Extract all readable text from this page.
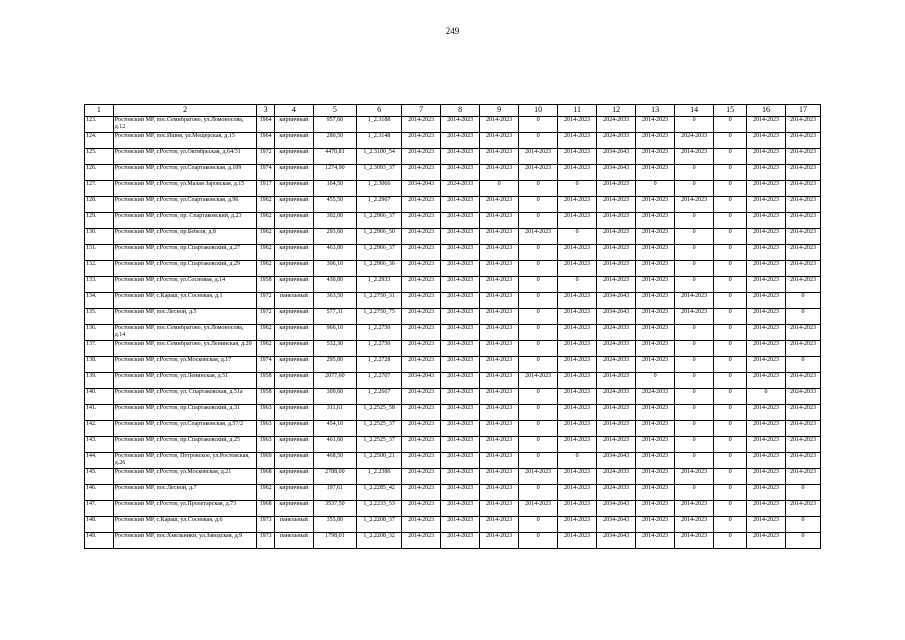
249
1	2	3	4	5	6	7	8	9	10	11	12	13	14	15	16	17
123.	Ростовский МР, пос.Семибратово, ул.Ломоносова, д.12	1964	кирпичный	957,60	1_2.3188	2014-2023	2014-2023	2014-2023	0	2014-2023	2024-2033	2014-2023	0	0	2014-2023	2014-2023
124.	Ростовский МР, пос.Ишня, ул.Мещерская, д.15	1964	кирпичный	280,50	1_2.3148	2014-2023	2014-2023	2014-2023	0	2014-2023	2024-2033	2014-2023	2024-2033	0	2014-2023	2014-2023
125.	Ростовский МР, г.Ростов, ул.Октябрьская, д.64/31	1972	кирпичный	4470,81	1_2.3100_54	2014-2023	2014-2023	2014-2023	2014-2023	2014-2023	2034-2043	2014-2023	2014-2023	0	2014-2023	2014-2023
126.	Ростовский МР, г.Ростов, ул.Спартаковская, д.109	1974	кирпичный	1274,90	1_2.3093_37	2014-2023	2014-2023	2014-2023	2014-2023	2014-2023	2034-2043	2014-2023	0	0	2014-2023	2014-2023
127.	Ростовский МР, г.Ростов, ул.Малая Заровская, д.15	1917	кирпичный	164,50	1_2.3066	2034-2043	2024-2033	0	0	0	2014-2023	0	0	0	2014-2023	2014-2023
128.	Ростовский МР, г.Ростов, ул.Спартаковская, д.96	1962	кирпичный	455,50	1_2.2967	2014-2023	2014-2023	2014-2023	0	2014-2023	2014-2023	2014-2023	2014-2023	0	2014-2023	2014-2023
129.	Ростовский МР, г.Ростов, пр. Спартаковский, д.23	1962	кирпичный	302,00	1_2.2966_37	2014-2023	2014-2023	2014-2023	0	2014-2023	2014-2023	2014-2023	0	0	2014-2023	2014-2023
130.	Ростовский МР, г.Ростов, пр.Бебеля, д.8	1962	кирпичный	293,60	1_2.2966_50	2014-2023	2014-2023	2014-2023	2014-2023	0	2014-2023	2014-2023	0	0	2014-2023	2014-2023
131.	Ростовский МР, г.Ростов, пр.Спартаковский, д.27	1962	кирпичный	463,80	1_2.2966_37	2014-2023	2014-2023	2014-2023	0	2014-2023	2014-2023	2014-2023	0	0	2014-2023	2014-2023
132.	Ростовский МР, г.Ростов, пр.Спартаковский, д.29	1962	кирпичный	306,10	1_2.2966_36	2014-2023	2014-2023	2014-2023	0	2014-2023	2014-2023	2014-2023	0	0	2014-2023	2014-2023
133.	Ростовский МР, г.Ростов, ул.Сосновая, д.14	1958	кирпичный	430,80	1_2.2933	2014-2023	2014-2023	2014-2023	0	0	2014-2023	2014-2023	0	0	2014-2023	2014-2023
134.	Ростовский МР, с.Караш, ул.Сосновая, д.1	1972	панельный	363,50	1_2.2750_31	2014-2023	2014-2023	2014-2023	0	2014-2023	2034-2043	2014-2023	2014-2023	0	2014-2023	0
135.	Ростовский МР, пос.Лесной, д.5	1972	кирпичный	577,31	1_2.2750_75	2014-2023	2014-2023	2014-2023	0	2014-2023	2034-2043	2014-2023	2014-2023	0	2014-2023	0
136.	Ростовский МР, пос.Семибратово, ул.Ломоносова, д.14	1962	кирпичный	966,10	1_2.2750	2014-2023	2014-2023	2014-2023	0	2014-2023	2024-2033	2014-2023	0	0	2014-2023	2014-2023
137.	Ростовский МР, пос.Семибратово, ул.Ленинская, д.20	1962	кирпичный	532,30	1_2.2750	2014-2023	2014-2023	2014-2023	0	2014-2023	2024-2033	2014-2023	0	0	2014-2023	2014-2023
138.	Ростовский МР, г.Ростов, ул.Московская, д.17	1974	кирпичный	295,80	1_2.2728	2014-2023	2014-2023	2014-2023	0	2014-2023	2024-2033	2014-2023	0	0	2014-2023	0
139.	Ростовский МР, г.Ростов, ул.Ленинская, д.51	1958	кирпичный	2077,60	1_2.2707	2034-2043	2014-2023	2014-2023	2014-2023	2014-2023	2014-2023	0	0	0	2014-2023	2014-2023
140.	Ростовский МР, г.Ростов, ул. Спартаковская, д.51а	1958	кирпичный	309,60	1_2.2667	2014-2023	2014-2023	2014-2023	0	2014-2023	2024-2033	2024-2033	0	0	0	2024-2033
141.	Ростовский МР, г.Ростов, пр.Спартаковский, д.31	1963	кирпичный	311,61	1_2.2525_58	2014-2023	2014-2023	2014-2023	0	2014-2023	2014-2023	2014-2023	0	0	2014-2023	2014-2023
142.	Ростовский МР, г.Ростов, ул.Спартаковская, д.57/2	1963	кирпичный	454,10	1_2.2525_37	2014-2023	2014-2023	2014-2023	0	2014-2023	2014-2023	2014-2023	0	0	2014-2023	2014-2023
143.	Ростовский МР, г.Ростов, пр.Спартаковский, д.25	1963	кирпичный	461,60	1_2.2525_37	2014-2023	2014-2023	2014-2023	0	2014-2023	2014-2023	2014-2023	0	0	2014-2023	2014-2023
144.	Ростовский МР, г.Ростов, Петровское, ул.Ростовская, д.26	1969	кирпичный	468,50	1_2.2500_21	2014-2023	2014-2023	2014-2023	0	0	2034-2043	2014-2023	0	0	2014-2023	2014-2023
145.	Ростовский МР, г.Ростов, ул.Московская, д.21	1968	кирпичный	2788,00	1_2.2386	2014-2023	2014-2023	2014-2023	2014-2023	2014-2023	2024-2033	2014-2023	2014-2023	0	2014-2023	2014-2023
146.	Ростовский МР, пос.Лесной, д.7	1962	кирпичный	197,61	1_2.2285_42	2014-2023	2014-2023	2014-2023	0	2014-2023	2024-2033	2014-2023	0	0	2014-2023	0
147.	Ростовский МР, г.Ростов, ул.Пролетарская, д.73	1968	кирпичный	3537,50	1_2.2233_53	2014-2023	2014-2023	2014-2023	2014-2023	2014-2023	2034-2043	2014-2023	2014-2023	0	2014-2023	2014-2023
148.	Ростовский МР, с.Караш, ул.Сосновая, д.6	1973	панельный	355,80	1_2.2208_37	2014-2023	2014-2023	2014-2023	0	2014-2023	2034-2043	2014-2023	2014-2023	0	2014-2023	0
149.	Ростовский МР, пос.Хмельники, ул.Заводская, д.9	1973	панельный	1798,01	1_2.2208_32	2014-2023	2014-2023	2014-2023	0	2014-2023	2034-2043	2014-2023	2014-2023	0	2014-2023	0
